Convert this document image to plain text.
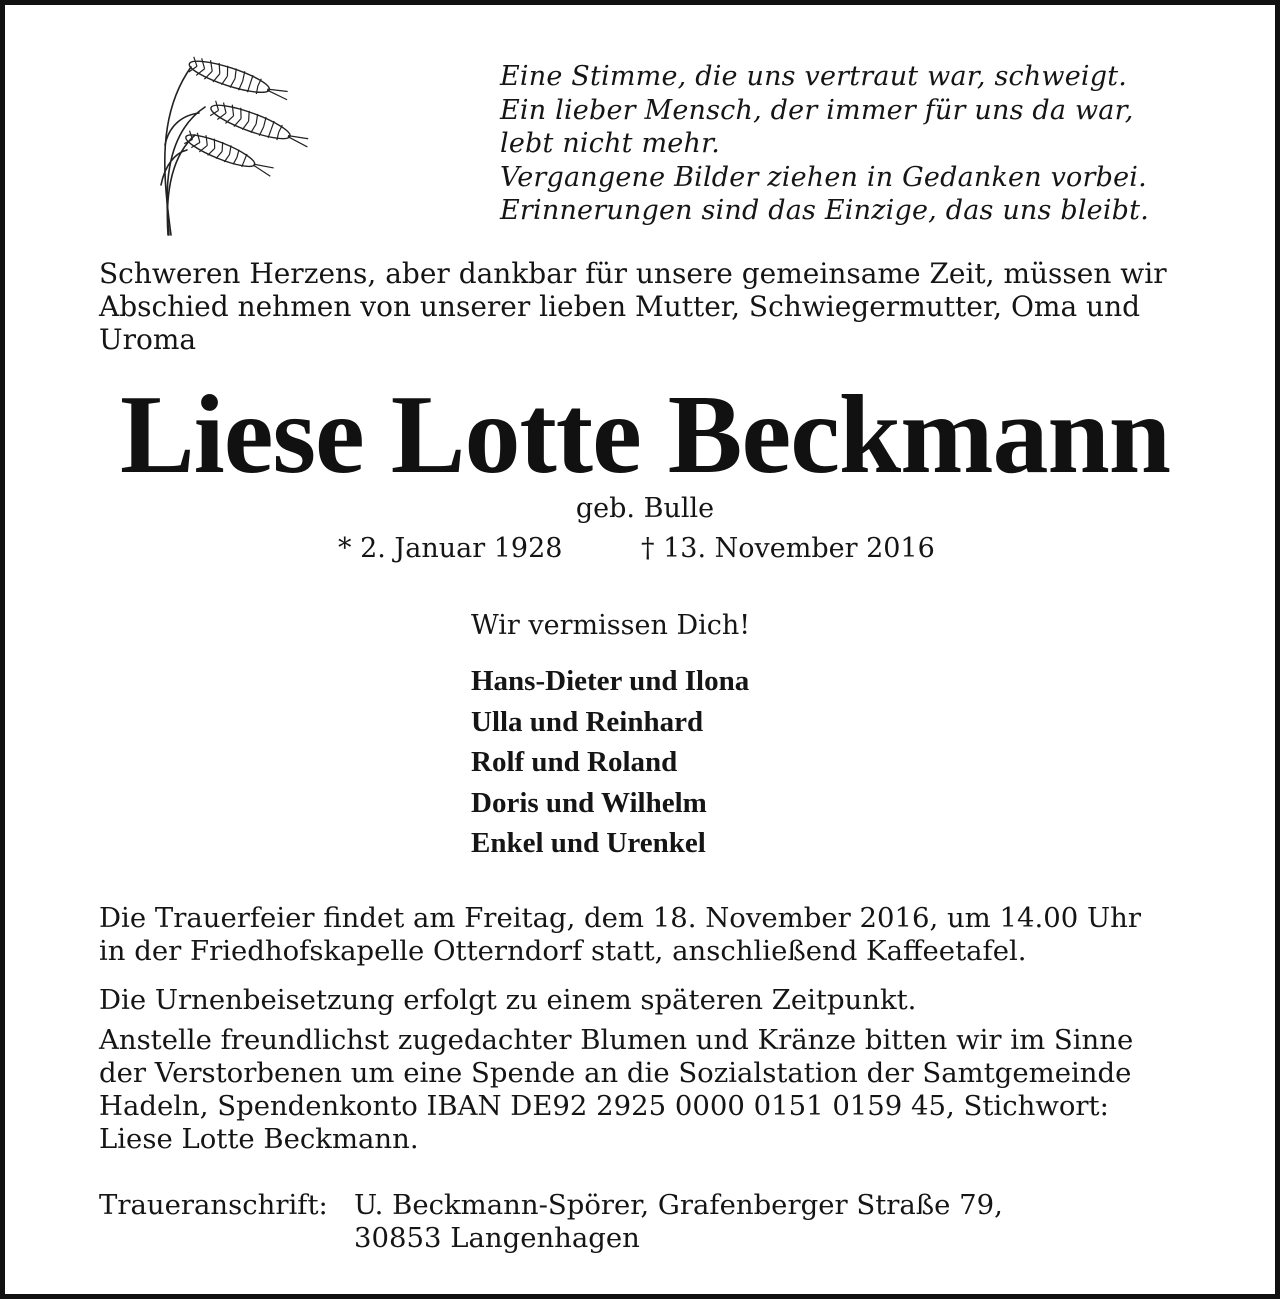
Eine Stimme, die uns vertraut war, schweigt.
Ein lieber Mensch, der immer für uns da war,
lebt nicht mehr.
Vergangene Bilder ziehen in Gedanken vorbei.
Erinnerungen sind das Einzige, das uns bleibt.
Schweren Herzens, aber dankbar für unsere gemeinsame Zeit, müssen wir
Abschied nehmen von unserer lieben Mutter, Schwiegermutter, Oma und
Uroma
Liese Lotte Beckmann
geb. Bulle
* 2. Januar 1928	† 13. November 2016
Wir vermissen Dich!
Hans-Dieter und Ilona
Ulla und Reinhard
Rolf und Roland
Doris und Wilhelm
Enkel und Urenkel
Die Trauerfeier findet am Freitag, dem 18. November 2016, um 14.00 Uhr
in der Friedhofskapelle Otterndorf statt, anschließend Kaffeetafel.
Die Urnenbeisetzung erfolgt zu einem späteren Zeitpunkt.
Anstelle freundlichst zugedachter Blumen und Kränze bitten wir im Sinne
der Verstorbenen um eine Spende an die Sozialstation der Samtgemeinde
Hadeln, Spendenkonto IBAN DE92 2925 0000 0151 0159 45, Stichwort:
Liese Lotte Beckmann.
Traueranschrift: U. Beckmann-Spörer, Grafenberger Straße 79,
30853 Langenhagen
